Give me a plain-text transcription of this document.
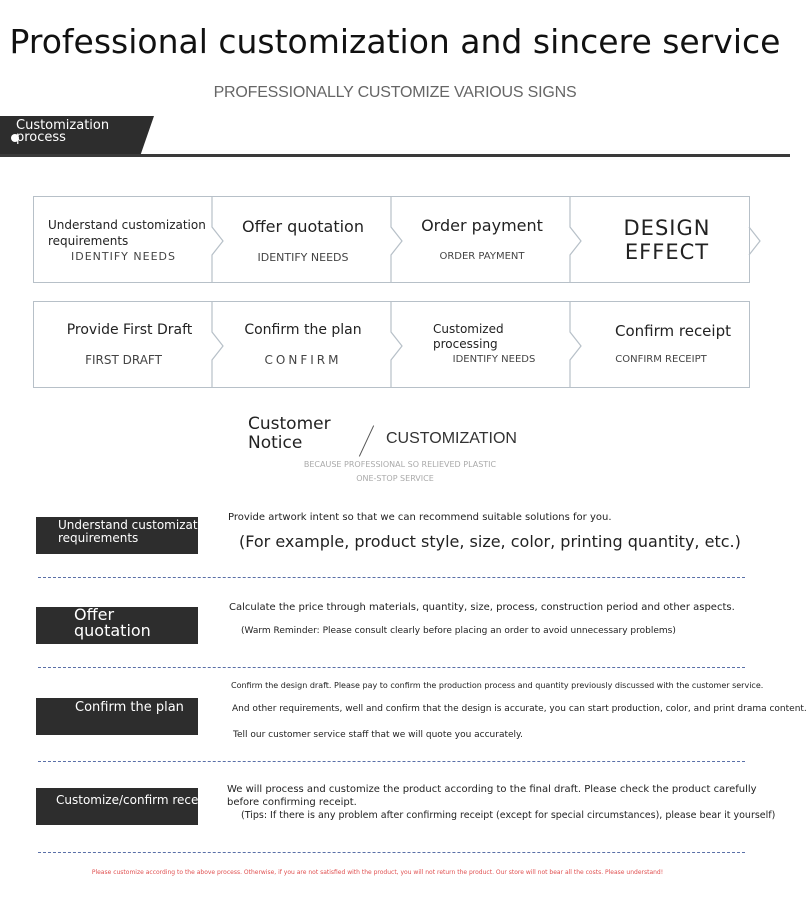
Professional customization and sincere service
PROFESSIONALLY CUSTOMIZE VARIOUS SIGNS
Customization process
Understand customization requirements
IDENTIFY NEEDS
Offer quotation
IDENTIFY NEEDS
Order payment
ORDER PAYMENT
DESIGN EFFECT
Provide First Draft
FIRST DRAFT
Confirm the plan
CONFIRM
Customized processing
IDENTIFY NEEDS
Confirm receipt
CONFIRM RECEIPT
Customer Notice	CUSTOMIZATION
BECAUSE PROFESSIONAL SO RELIEVED PLASTIC
ONE-STOP SERVICE
Understand customization requirements
Provide artwork intent so that we can recommend suitable solutions for you.
(For example, product style, size, color, printing quantity, etc.)
Offer quotation
Calculate the price through materials, quantity, size, process, construction period and other aspects.
(Warm Reminder: Please consult clearly before placing an order to avoid unnecessary problems)
Confirm the plan
Confirm the design draft. Please pay to confirm the production process and quantity previously discussed with the customer service.
And other requirements, well and confirm that the design is accurate, you can start production, color, and print drama content.
Tell our customer service staff that we will quote you accurately.
Customize/confirm receipt
We will process and customize the product according to the final draft. Please check the product carefully before confirming receipt.
(Tips: If there is any problem after confirming receipt (except for special circumstances), please bear it yourself)
Please customize according to the above process. Otherwise, if you are not satisfied with the product, you will not return the product. Our store will not bear all the costs. Please understand!
